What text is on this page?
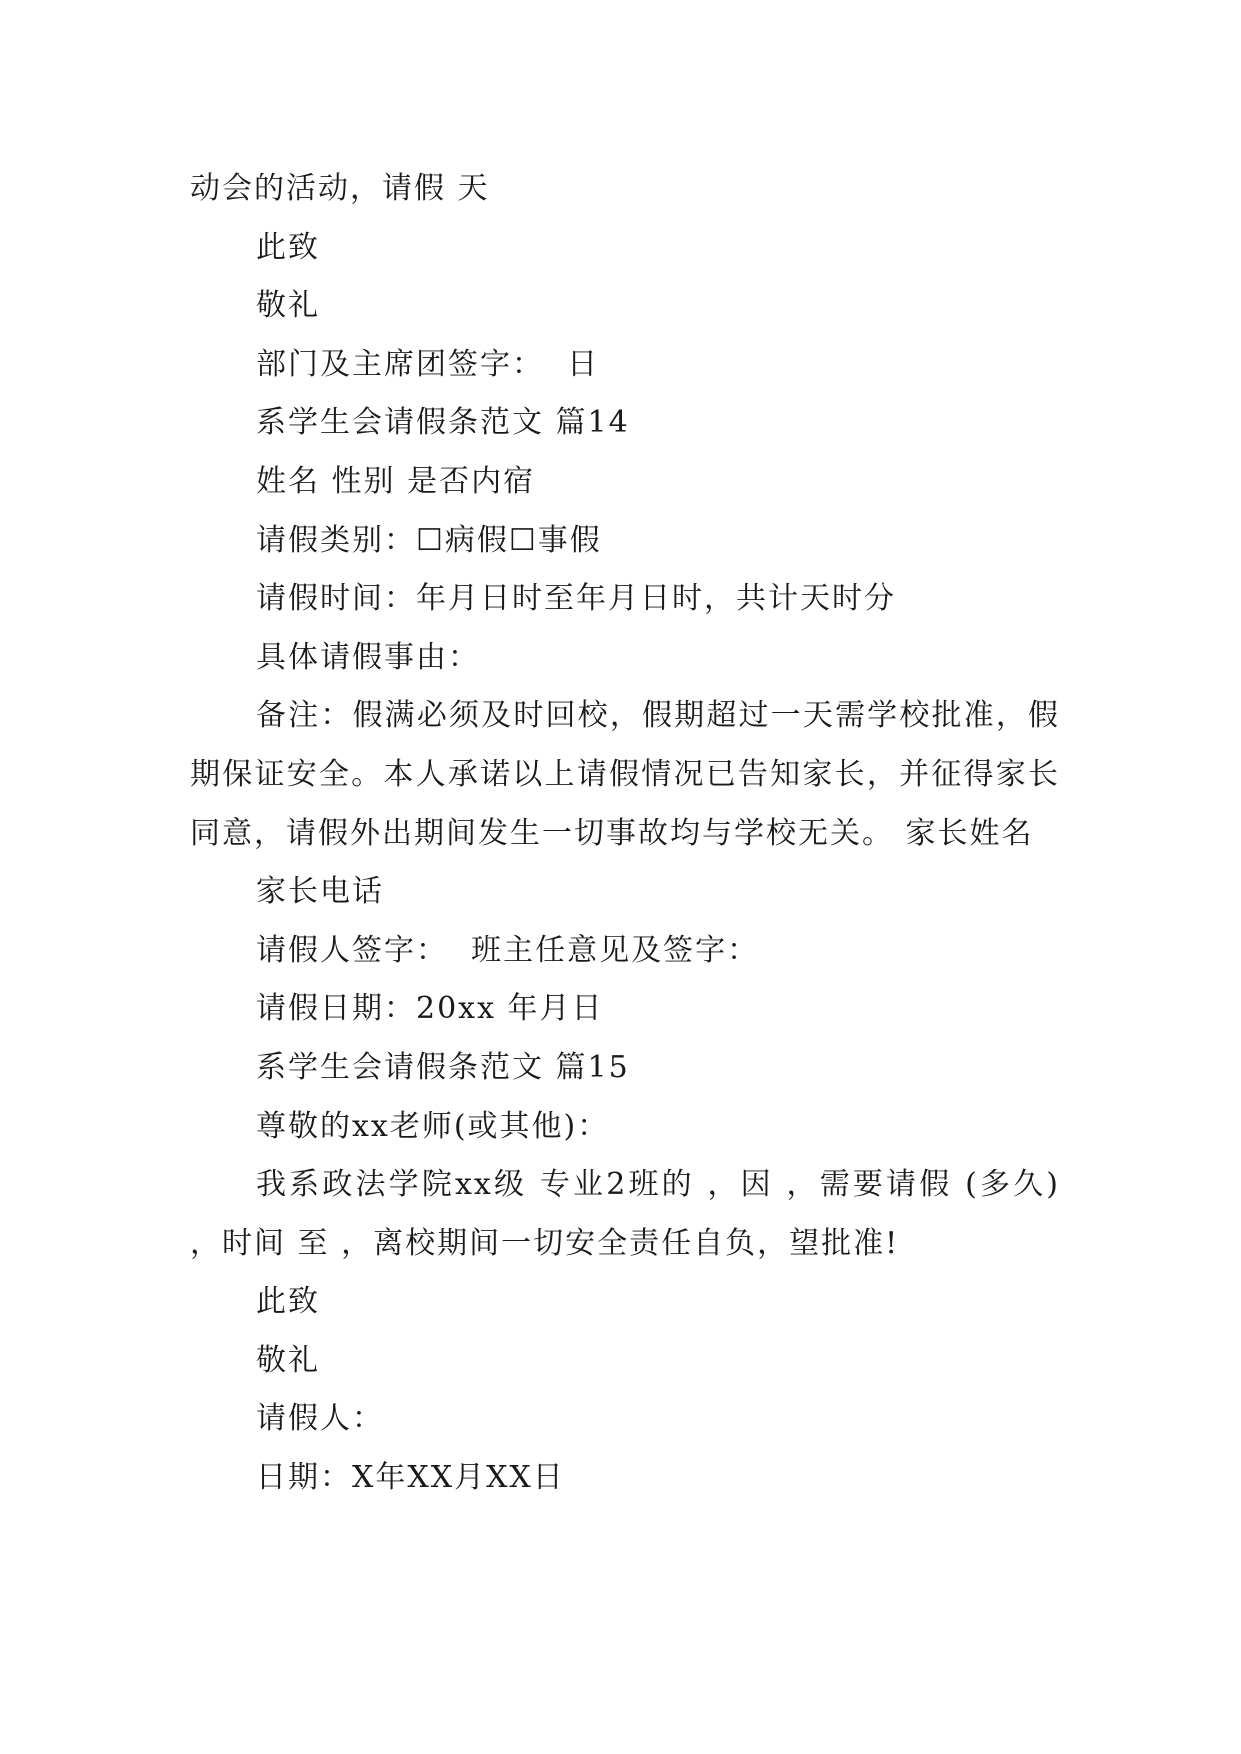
动会的活动，请假 天
此致
敬礼
部门及主席团签字：  日
系学生会请假条范文 篇14
姓名 性别 是否内宿
请假类别：☐病假☐事假
请假时间：年月日时至年月日时，共计天时分
具体请假事由：
备注：假满必须及时回校，假期超过一天需学校批准，假期保证安全。本人承诺以上请假情况已告知家长，并征得家长同意，请假外出期间发生一切事故均与学校无关。 家长姓名
家长电话
请假人签字：  班主任意见及签字：
请假日期：20xx 年月日
系学生会请假条范文 篇15
尊敬的xx老师(或其他)：
我系政法学院xx级 专业2班的 ，因 ，需要请假 (多久) ，时间 至 ，离校期间一切安全责任自负，望批准!
此致
敬礼
请假人：
日期：X年XX月XX日
